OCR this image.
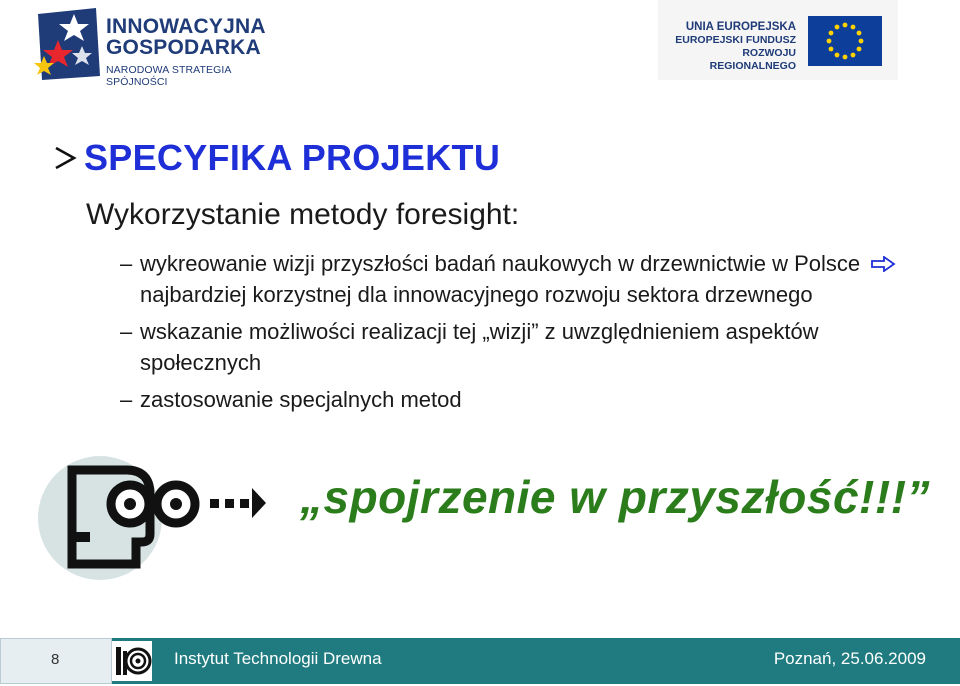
INNOWACYJNA
GOSPODARKA
NARODOWA STRATEGIA SPÓJNOŚCI
UNIA EUROPEJSKA
EUROPEJSKI FUNDUSZ
ROZWOJU REGIONALNEGO
SPECYFIKA PROJEKTU
Wykorzystanie metody foresight:
– wykreowanie wizji przyszłości badań naukowych w drzewnictwie w Polsce  najbardziej korzystnej dla innowacyjnego rozwoju sektora drzewnego
– wskazanie możliwości realizacji tej „wizji” z uwzględnieniem aspektów społecznych
– zastosowanie specjalnych metod
„spojrzenie w przyszłość!!!”
8	Instytut Technologii Drewna	Poznań, 25.06.2009
